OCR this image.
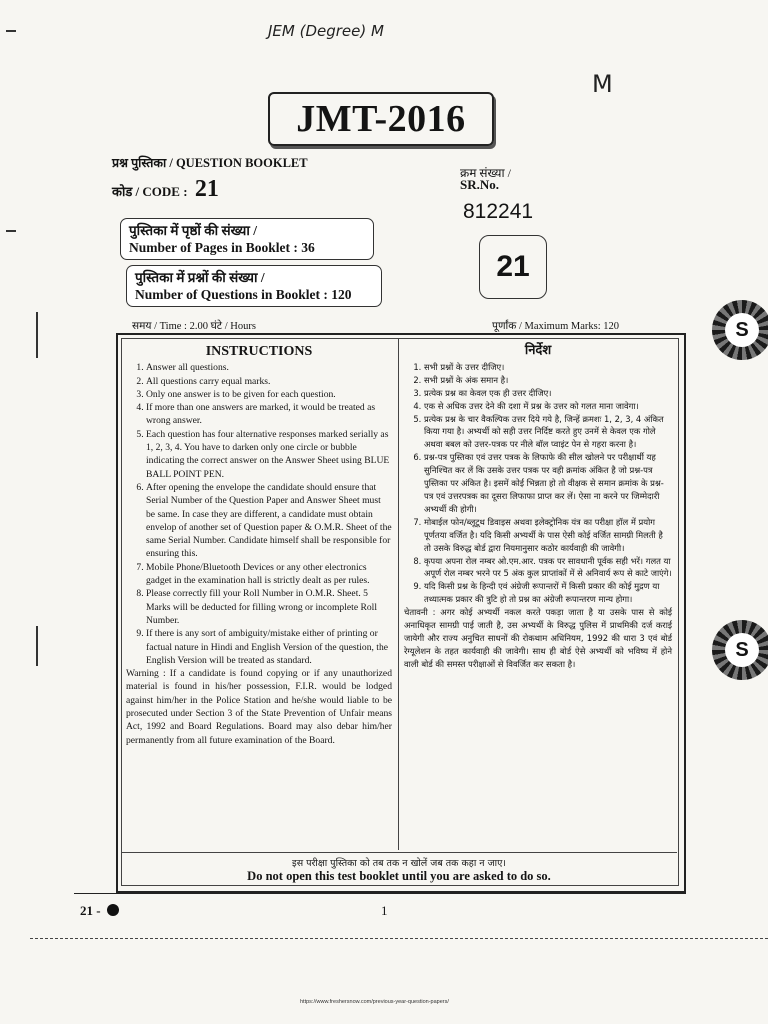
JEM (Degree) M
M
JMT-2016
प्रश्न पुस्तिका / QUESTION BOOKLET
कोड / CODE : 21
क्रम संख्या /
SR.No.
812241
21
पुस्तिका में पृष्ठों की संख्या /
Number of Pages in Booklet : 36
पुस्तिका में प्रश्नों की संख्या /
Number of Questions in Booklet : 120
समय / Time : 2.00 घंटे / Hours	पूर्णांक / Maximum Marks: 120
INSTRUCTIONS
1. Answer all questions.
2. All questions carry equal marks.
3. Only one answer is to be given for each question.
4. If more than one answers are marked, it would be treated as wrong answer.
5. Each question has four alternative responses marked serially as 1, 2, 3, 4. You have to darken only one circle or bubble indicating the correct answer on the Answer Sheet using BLUE BALL POINT PEN.
6. After opening the envelope the candidate should ensure that Serial Number of the Question Paper and Answer Sheet must be same. In case they are different, a candidate must obtain envelop of another set of Question paper & O.M.R. Sheet of the same Serial Number. Candidate himself shall be responsible for ensuring this.
7. Mobile Phone/Bluetooth Devices or any other electronics gadget in the examination hall is strictly dealt as per rules.
8. Please correctly fill your Roll Number in O.M.R. Sheet. 5 Marks will be deducted for filling wrong or incomplete Roll Number.
9. If there is any sort of ambiguity/mistake either of printing or factual nature in Hindi and English Version of the question, the English Version will be treated as standard.
Warning : If a candidate is found copying or if any unauthorized material is found in his/her possession, F.I.R. would be lodged against him/her in the Police Station and he/she would liable to be prosecuted under Section 3 of the State Prevention of Unfair means Act, 1992 and Board Regulations. Board may also debar him/her permanently from all future examination of the Board.
निर्देश
1. सभी प्रश्नों के उत्तर दीजिए।
2. सभी प्रश्नों के अंक समान है।
3. प्रत्येक प्रश्न का केवल एक ही उत्तर दीजिए।
4. एक से अधिक उत्तर देने की दशा में प्रश्न के उत्तर को गलत माना जावेगा।
5. प्रत्येक प्रश्न के चार वैकल्पिक उत्तर दिये गये है, जिन्हें क्रमशः 1, 2, 3, 4 अंकित किया गया है। अभ्यर्थी को सही उत्तर निर्दिष्ट करते हुए उनमें से केवल एक गोले अथवा बबल को उत्तर-पत्रक पर नीले बॉल प्वाइंट पेन से गहरा करना है।
6. प्रश्न-पत्र पुस्तिका एवं उत्तर पत्रक के लिफाफे की सील खोलने पर परीक्षार्थी यह सुनिश्चित कर लें कि उसके उत्तर पत्रक पर वही क्रमांक अंकित है जो प्रश्न-पत्र पुस्तिका पर अंकित है। इसमें कोई भिन्नता हो तो वीक्षक से समान क्रमांक के प्रश्न-पत्र एवं उत्तरपत्रक का दूसरा लिफाफा प्राप्त कर लें। ऐसा ना करने पर जिम्मेदारी अभ्यर्थी की होगी।
7. मोबाईल फोन/ब्लूटूथ डिवाइस अथवा इलेक्ट्रोनिक यंत्र का परीक्षा हॉल में प्रयोग पूर्णतया वर्जित है। यदि किसी अभ्यर्थी के पास ऐसी कोई वर्जित सामग्री मिलती है तो उसके विरुद्ध बोर्ड द्वारा नियमानुसार कठोर कार्यवाही की जावेगी।
8. कृपया अपना रोल नम्बर ओ.एम.आर. पत्रक पर सावधानी पूर्वक सही भरें। गलत या अपूर्ण रोल नम्बर भरने पर 5 अंक कुल प्राप्तांकों में से अनिवार्य रूप से काटे जाएंगे।
9. यदि किसी प्रश्न के हिन्दी एवं अंग्रेजी रूपान्तरों में किसी प्रकार की कोई मुद्रण या तथ्यात्मक प्रकार की त्रुटि हो तो प्रश्न का अंग्रेजी रूपान्तरण मान्य होगा।
चेतावनी : अगर कोई अभ्यर्थी नकल करते पकड़ा जाता है या उसके पास से कोई अनाधिकृत सामग्री पाई जाती है, उस अभ्यर्थी के विरुद्ध पुलिस में प्राथमिकी दर्ज कराई जायेगी और राज्य अनुचित साधनों की रोकथाम अधिनियम, 1992 की धारा 3 एवं बोर्ड रेग्यूलेशन के तहत कार्यवाही की जावेगी। साथ ही बोर्ड ऐसे अभ्यर्थी को भविष्य में होने वाली बोर्ड की समस्त परीक्षाओं से विवर्जित कर सकता है।
इस परीक्षा पुस्तिका को तब तक न खोलें जब तक कहा न जाए।
Do not open this test booklet until you are asked to do so.
21 -	1
https://www.freshersnow.com/previous-year-question-papers/
S
S
